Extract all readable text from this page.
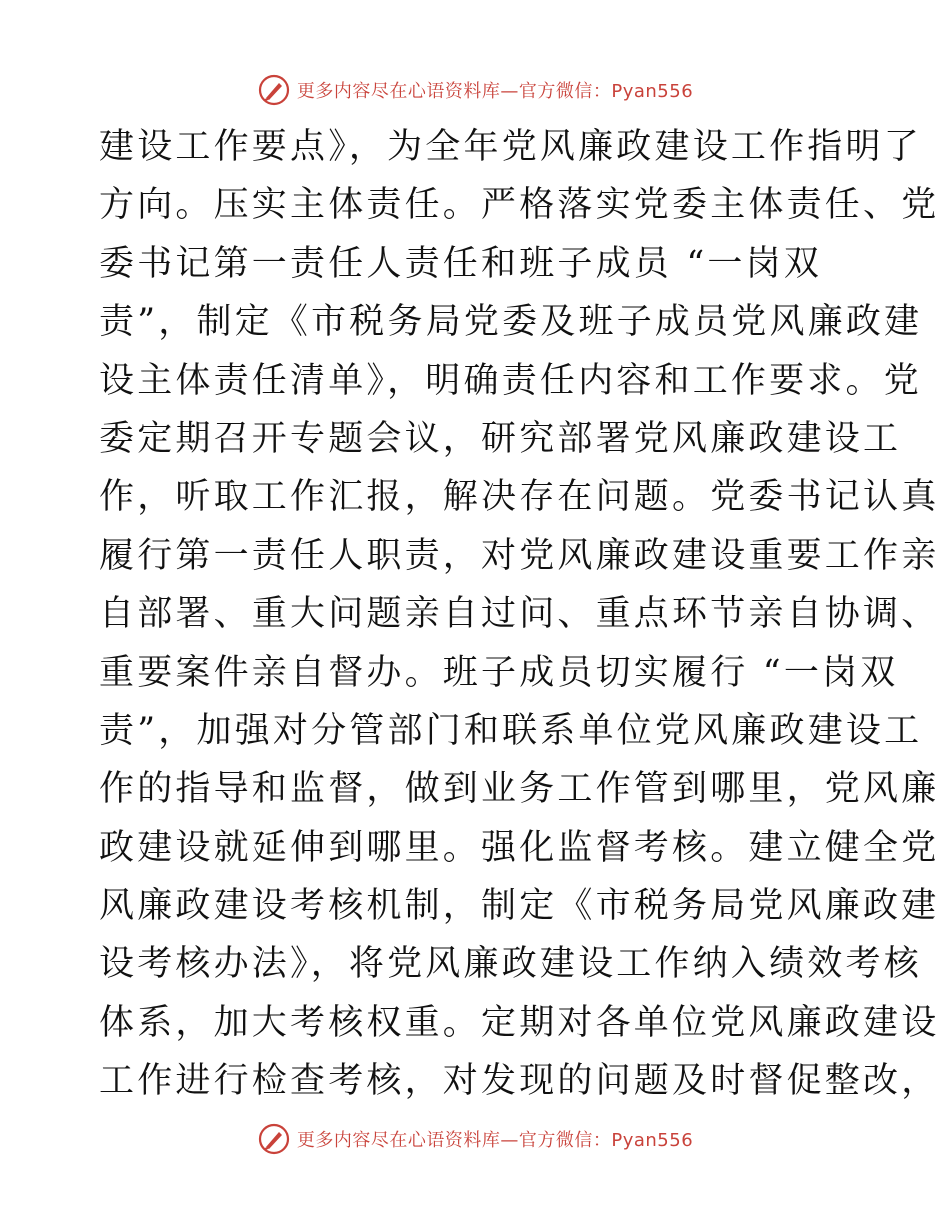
更多内容尽在心语资料库—官方微信：Pyan556
建设工作要点》，为全年党风廉政建设工作指明了
方向。压实主体责任。严格落实党委主体责任、党
委书记第一责任人责任和班子成员 “一岗双
责”，制定《市税务局党委及班子成员党风廉政建
设主体责任清单》，明确责任内容和工作要求。党
委定期召开专题会议，研究部署党风廉政建设工
作，听取工作汇报，解决存在问题。党委书记认真
履行第一责任人职责，对党风廉政建设重要工作亲
自部署、重大问题亲自过问、重点环节亲自协调、
重要案件亲自督办。班子成员切实履行 “一岗双
责”，加强对分管部门和联系单位党风廉政建设工
作的指导和监督，做到业务工作管到哪里，党风廉
政建设就延伸到哪里。强化监督考核。建立健全党
风廉政建设考核机制，制定《市税务局党风廉政建
设考核办法》，将党风廉政建设工作纳入绩效考核
体系，加大考核权重。定期对各单位党风廉政建设
工作进行检查考核，对发现的问题及时督促整改，
更多内容尽在心语资料库—官方微信：Pyan556
